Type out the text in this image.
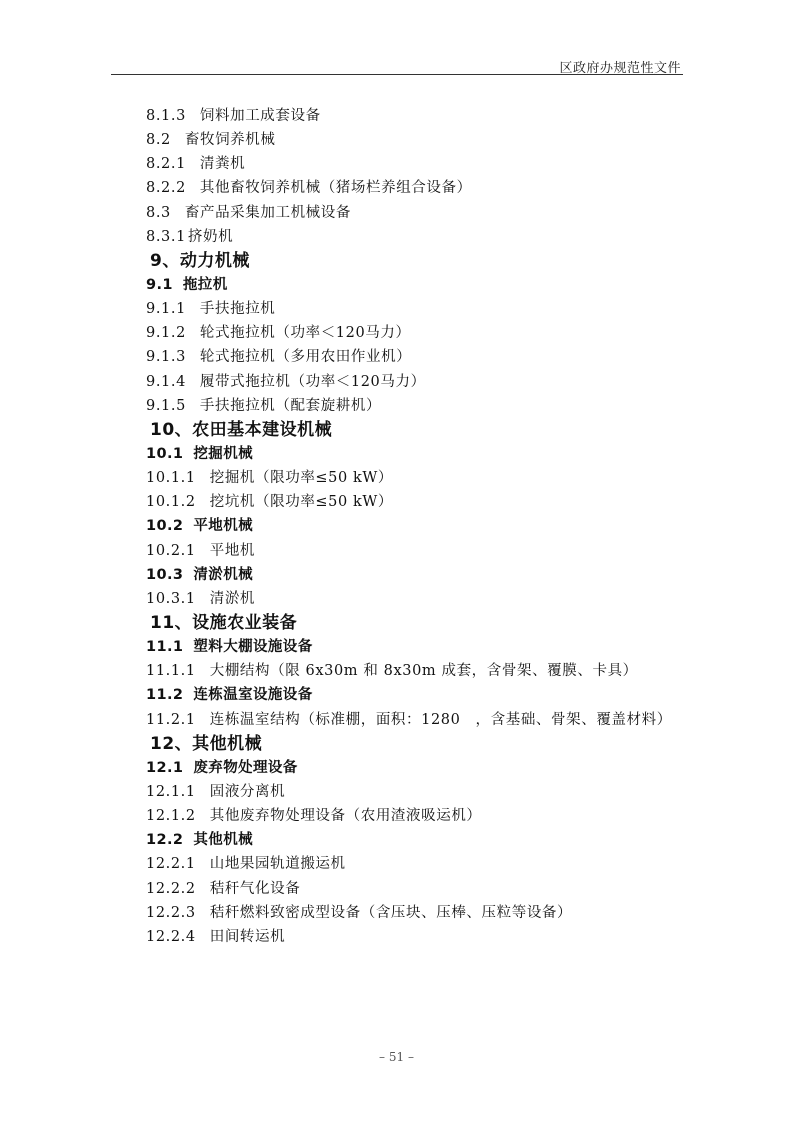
区政府办规范性文件
8.1.3 饲料加工成套设备
8.2 畜牧饲养机械
8.2.1 清粪机
8.2.2 其他畜牧饲养机械（猪场栏养组合设备）
8.3 畜产品采集加工机械设备
8.3.1 挤奶机
9、动力机械
9.1 拖拉机
9.1.1 手扶拖拉机
9.1.2 轮式拖拉机（功率＜120马力）
9.1.3 轮式拖拉机（多用农田作业机）
9.1.4 履带式拖拉机（功率＜120马力）
9.1.5 手扶拖拉机（配套旋耕机）
10、农田基本建设机械
10.1 挖掘机械
10.1.1 挖掘机（限功率≤50 kW）
10.1.2 挖坑机（限功率≤50 kW）
10.2 平地机械
10.2.1 平地机
10.3 清淤机械
10.3.1 清淤机
11、设施农业装备
11.1 塑料大棚设施设备
11.1.1 大棚结构（限 6x30m 和 8x30m 成套，含骨架、覆膜、卡具）
11.2 连栋温室设施设备
11.2.1 连栋温室结构（标准棚，面积：1280　，含基础、骨架、覆盖材料）
12、其他机械
12.1 废弃物处理设备
12.1.1 固液分离机
12.1.2 其他废弃物处理设备（农用渣液吸运机）
12.2 其他机械
12.2.1 山地果园轨道搬运机
12.2.2 秸秆气化设备
12.2.3 秸秆燃料致密成型设备（含压块、压棒、压粒等设备）
12.2.4 田间转运机
– 51 –
